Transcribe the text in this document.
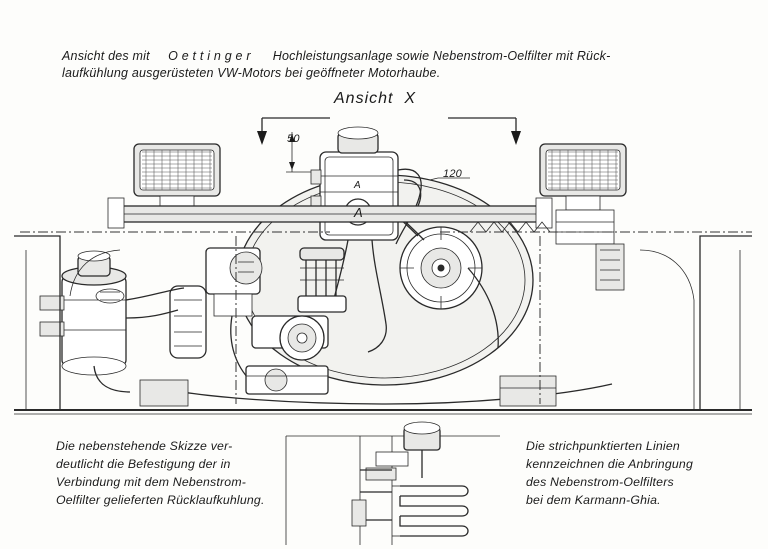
Ansicht des mit     O e t t i n g e r      Hochleistungsanlage sowie Nebenstrom-Oelfilter mit Rück-
laufkühlung ausgerüsteten VW-Motors bei geöffneter Motorhaube.
Ansicht  X
50
120
A
A
Die nebenstehende Skizze ver-
deutlicht die Befestigung der in
Verbindung mit dem Nebenstrom-
Oelfilter gelieferten Rücklaufkuhlung.
Die strichpunktierten Linien
kennzeichnen die Anbringung
des Nebenstrom-Oelfilters
bei dem Karmann-Ghia.
